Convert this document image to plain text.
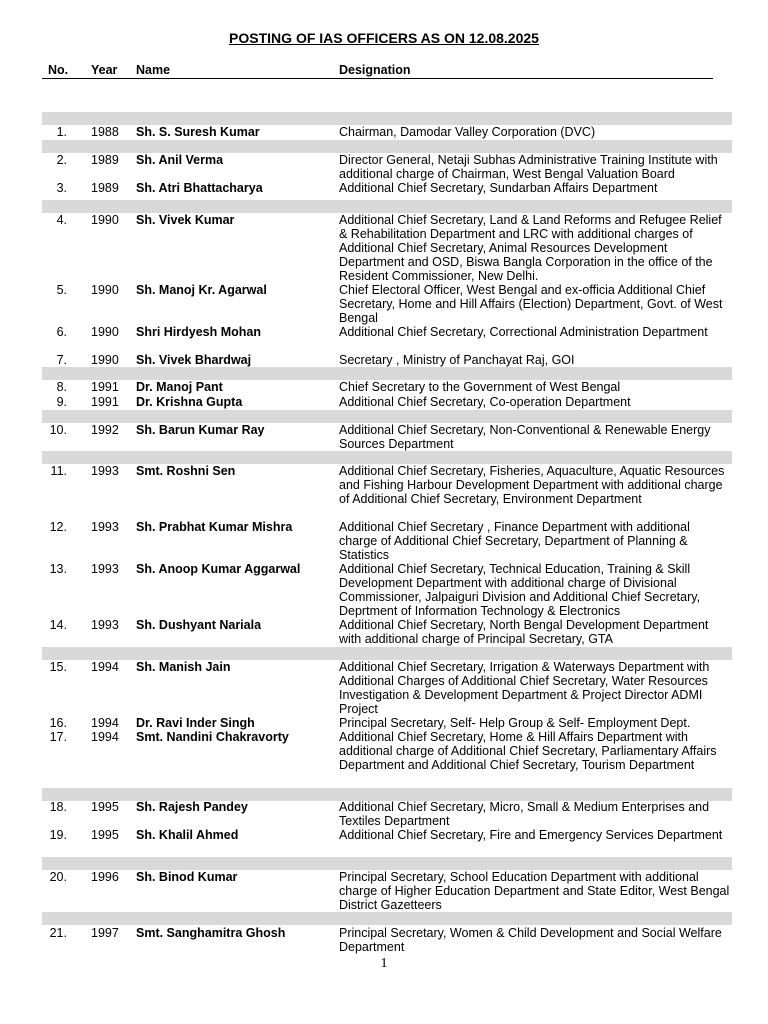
POSTING OF IAS OFFICERS AS ON 12.08.2025
No. Year Name	Designation
1. 1988 Sh. S. Suresh Kumar	Chairman, Damodar Valley Corporation (DVC)
2. 1989 Sh. Anil Verma	Director General, Netaji Subhas Administrative Training Institute with additional charge of Chairman, West Bengal Valuation Board
3. 1989 Sh. Atri Bhattacharya	Additional Chief Secretary, Sundarban Affairs Department
4. 1990 Sh. Vivek Kumar	Additional Chief Secretary, Land & Land Reforms and Refugee Relief & Rehabilitation Department and LRC with additional charges of Additional Chief Secretary, Animal Resources Development Department and OSD, Biswa Bangla Corporation in the office of the Resident Commissioner, New Delhi.
5. 1990 Sh. Manoj Kr. Agarwal	Chief Electoral Officer, West Bengal and ex-officia Additional Chief Secretary, Home and Hill Affairs (Election) Department, Govt. of West Bengal
6. 1990 Shri Hirdyesh Mohan	Additional Chief Secretary, Correctional Administration Department
7. 1990 Sh. Vivek Bhardwaj	Secretary , Ministry of Panchayat Raj, GOI
8. 1991 Dr. Manoj Pant	Chief Secretary to the Government of West Bengal
9. 1991 Dr. Krishna Gupta	Additional Chief Secretary, Co-operation Department
10. 1992 Sh. Barun Kumar Ray	Additional Chief Secretary, Non-Conventional & Renewable Energy Sources Department
11. 1993 Smt. Roshni Sen	Additional Chief Secretary, Fisheries, Aquaculture, Aquatic Resources and Fishing Harbour Development Department with additional charge of Additional Chief Secretary, Environment Department
12. 1993 Sh. Prabhat Kumar Mishra	Additional Chief Secretary , Finance Department with additional charge of Additional Chief Secretary, Department of Planning & Statistics
13. 1993 Sh. Anoop Kumar Aggarwal	Additional Chief Secretary, Technical Education, Training & Skill Development Department with additional charge of Divisional Commissioner, Jalpaiguri Division and Additional Chief Secretary, Deprtment of Information Technology & Electronics
14. 1993 Sh. Dushyant Nariala	Additional Chief Secretary, North Bengal Development Department with additional charge of Principal Secretary, GTA
15. 1994 Sh. Manish Jain	Additional Chief Secretary, Irrigation & Waterways Department with Additional Charges of Additional Chief Secretary, Water Resources Investigation & Development Department & Project Director ADMI Project
16. 1994 Dr. Ravi Inder Singh	Principal Secretary, Self- Help Group & Self- Employment Dept.
17. 1994 Smt. Nandini Chakravorty	Additional Chief Secretary, Home & Hill Affairs Department with additional charge of Additional Chief Secretary, Parliamentary Affairs Department and Additional Chief Secretary, Tourism Department
18. 1995 Sh. Rajesh Pandey	Additional Chief Secretary, Micro, Small & Medium Enterprises and Textiles Department
19. 1995 Sh. Khalil Ahmed	Additional Chief Secretary, Fire and Emergency Services Department
20. 1996 Sh. Binod Kumar	Principal Secretary, School Education Department with additional charge of Higher Education Department and State Editor, West Bengal District Gazetteers
21. 1997 Smt. Sanghamitra Ghosh	Principal Secretary, Women & Child Development and Social Welfare Department
1
